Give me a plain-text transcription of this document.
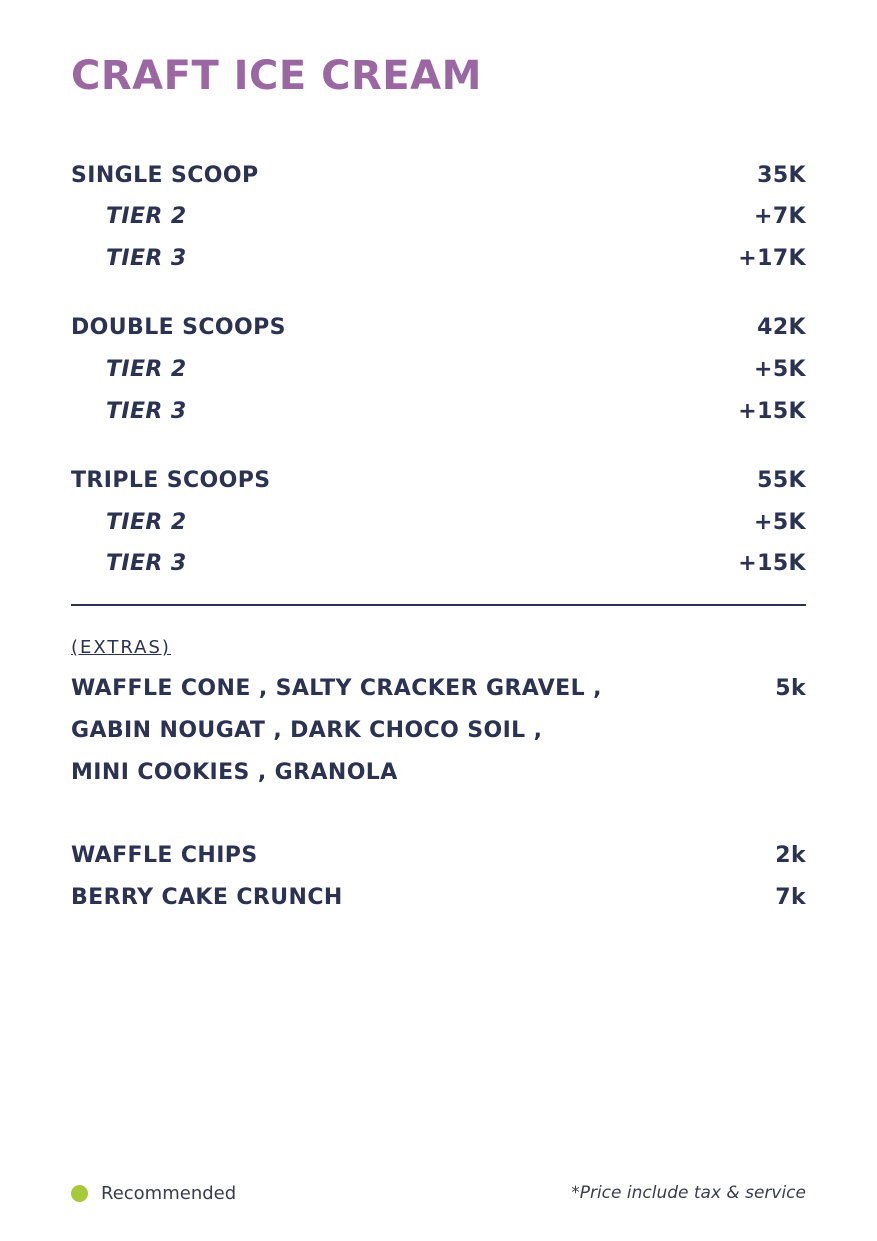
CRAFT ICE CREAM
SINGLE SCOOP	35K
TIER 2	+7K
TIER 3	+17K
DOUBLE SCOOPS	42K
TIER 2	+5K
TIER 3	+15K
TRIPLE SCOOPS	55K
TIER 2	+5K
TIER 3	+15K
(EXTRAS)
WAFFLE CONE , SALTY CRACKER GRAVEL ,	5k
GABIN NOUGAT , DARK CHOCO SOIL ,
MINI COOKIES , GRANOLA
WAFFLE CHIPS	2k
BERRY CAKE CRUNCH	7k
Recommended	*Price include tax & service
